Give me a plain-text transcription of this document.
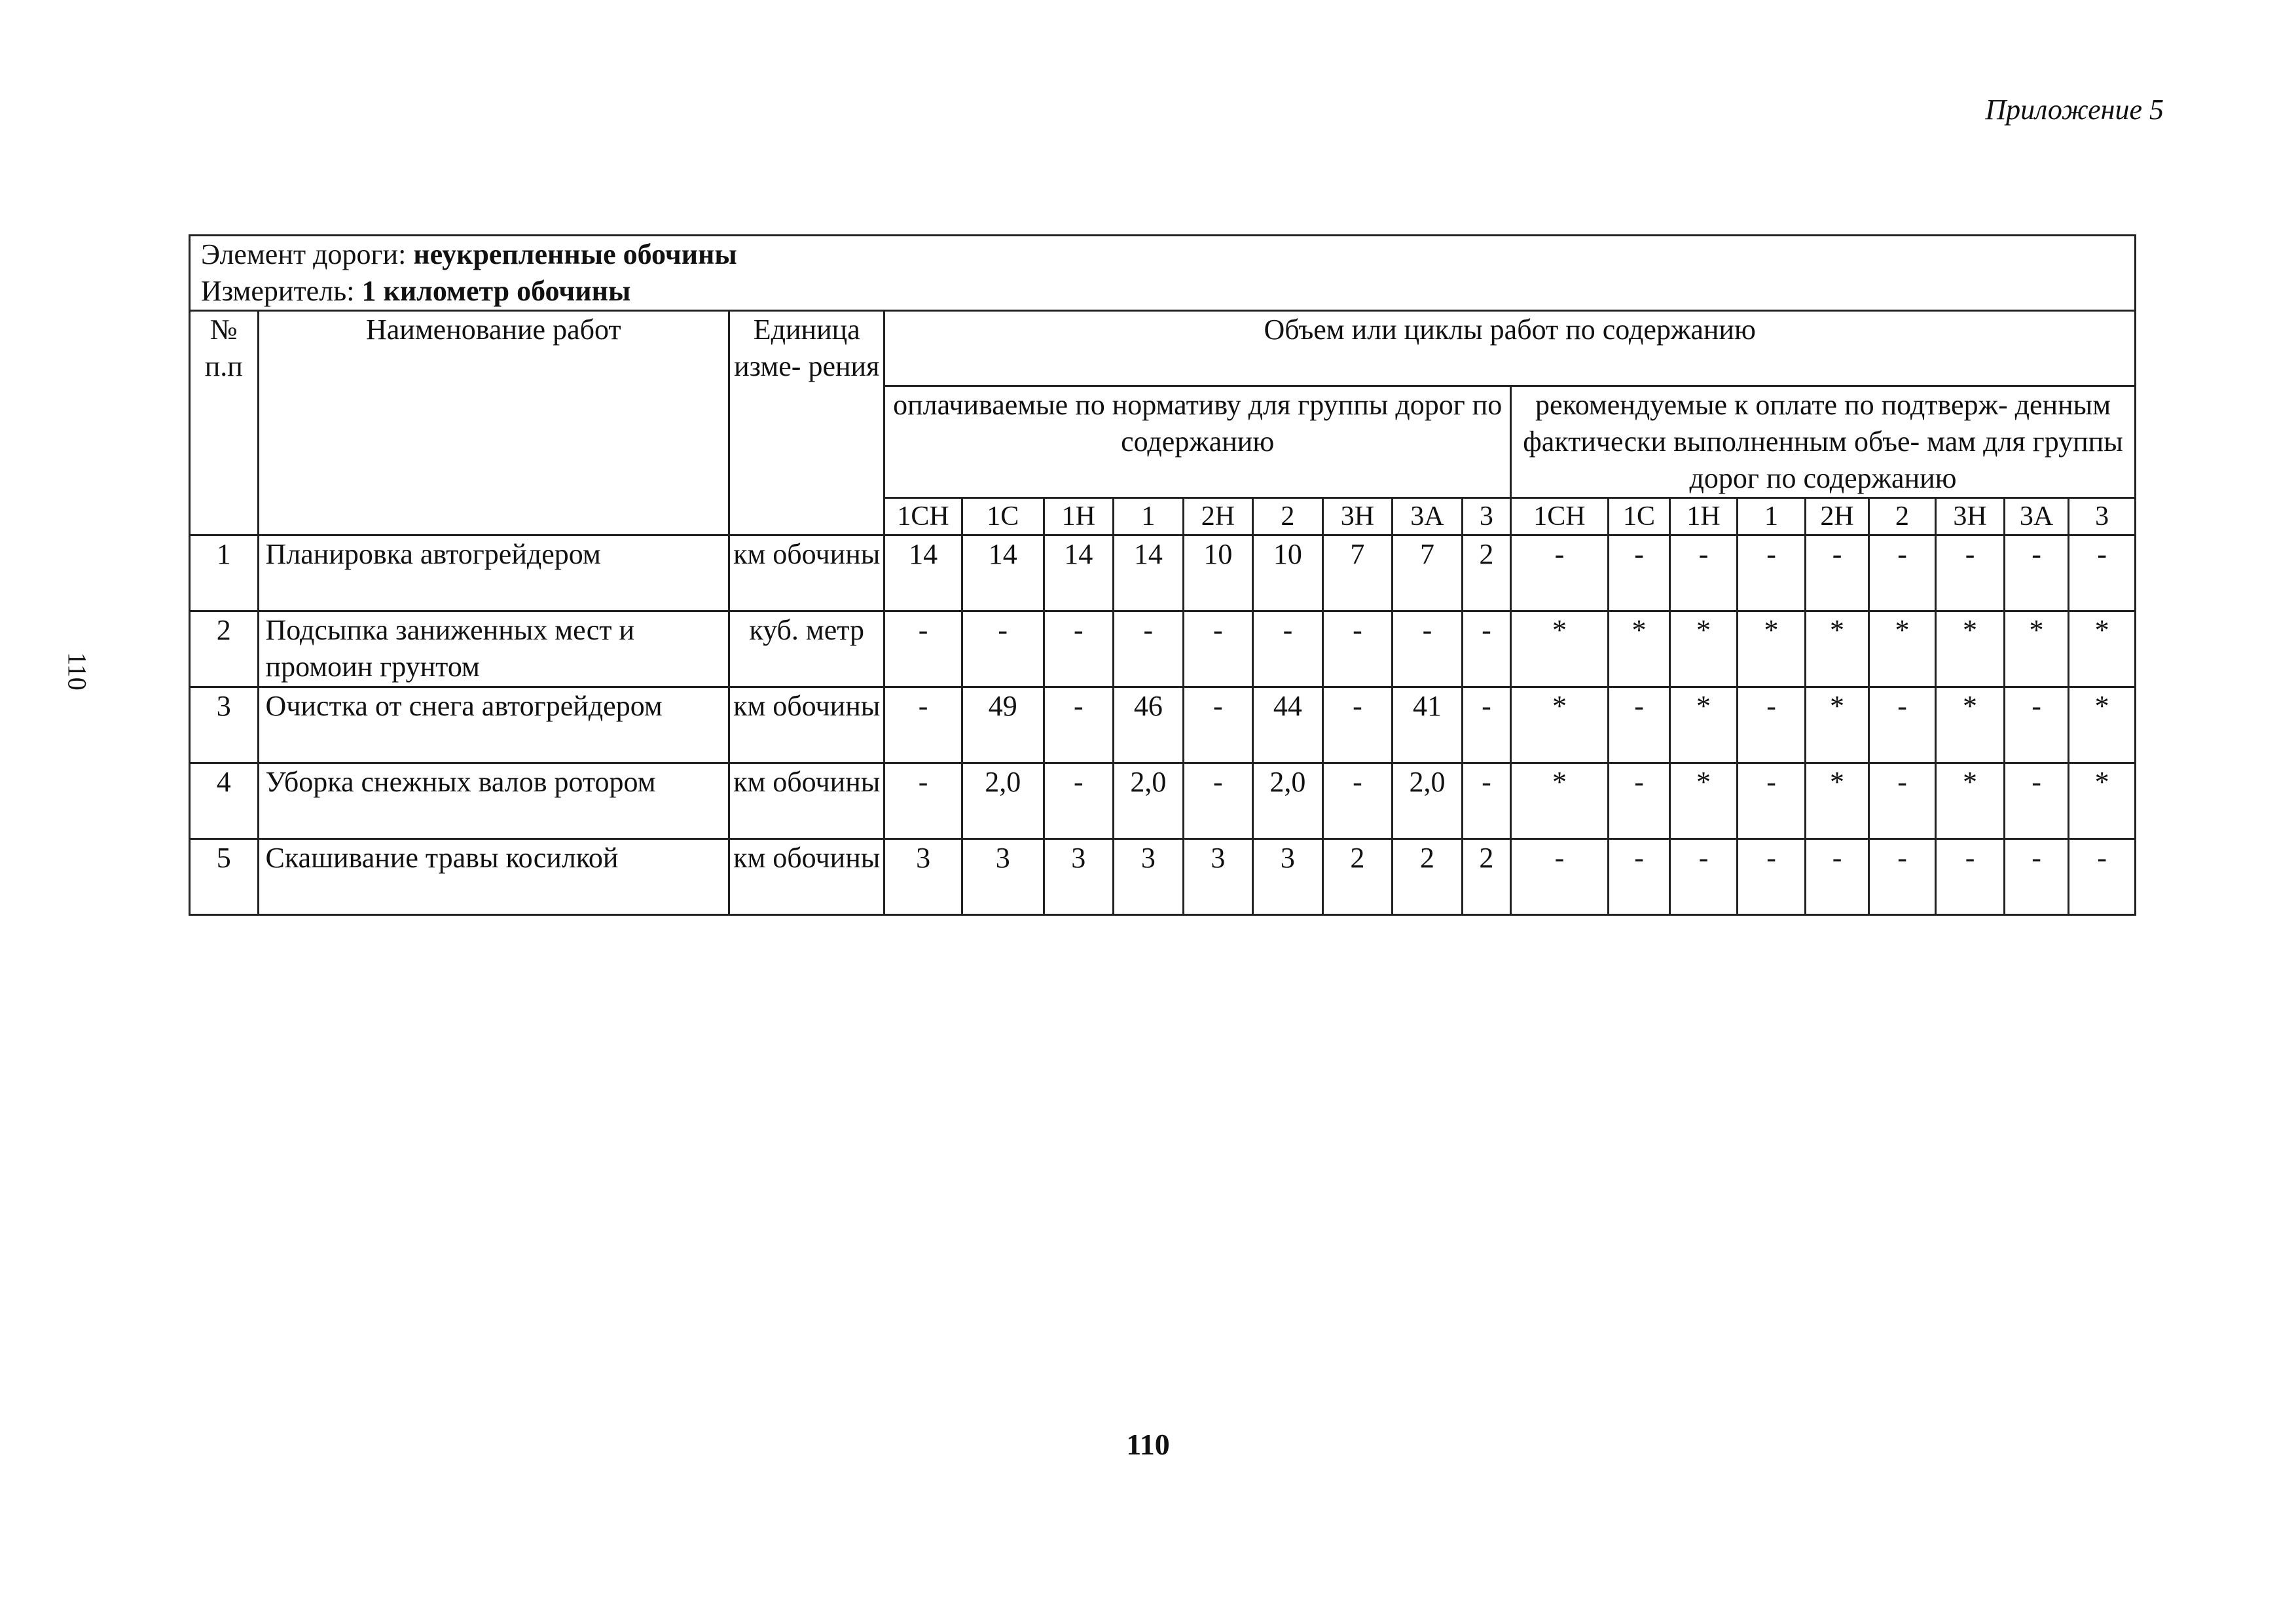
Приложение 5
110
Элемент дороги: неукрепленные обочины
Измеритель: 1 километр обочины																				

№ п.п	Наименование работ	Единица изме- рения	Объем или циклы работ по содержанию																	
			оплачиваемые по нормативу для группы дорог по содержанию									рекомендуемые к оплате по подтверж- денным фактически выполненным объе- мам для группы дорог по содержанию								
			1СН	1С	1Н	1	2Н	2	3Н	3А	3	1СН	1С	1Н	1	2Н	2	3Н	3А	3
1	Планировка автогрейдером	км обочины	14	14	14	14	10	10	7	7	2	-	-	-	-	-	-	-	-	-
2	Подсыпка заниженных мест и промоин грунтом	куб. метр	-	-	-	-	-	-	-	-	-	*	*	*	*	*	*	*	*	*
3	Очистка от снега автогрейдером	км обочины	-	49	-	46	-	44	-	41	-	*	-	*	-	*	-	*	-	*
4	Уборка снежных валов ротором	км обочины	-	2,0	-	2,0	-	2,0	-	2,0	-	*	-	*	-	*	-	*	-	*
5	Скашивание травы косилкой	км обочины	3	3	3	3	3	3	2	2	2	-	-	-	-	-	-	-	-	-
110
